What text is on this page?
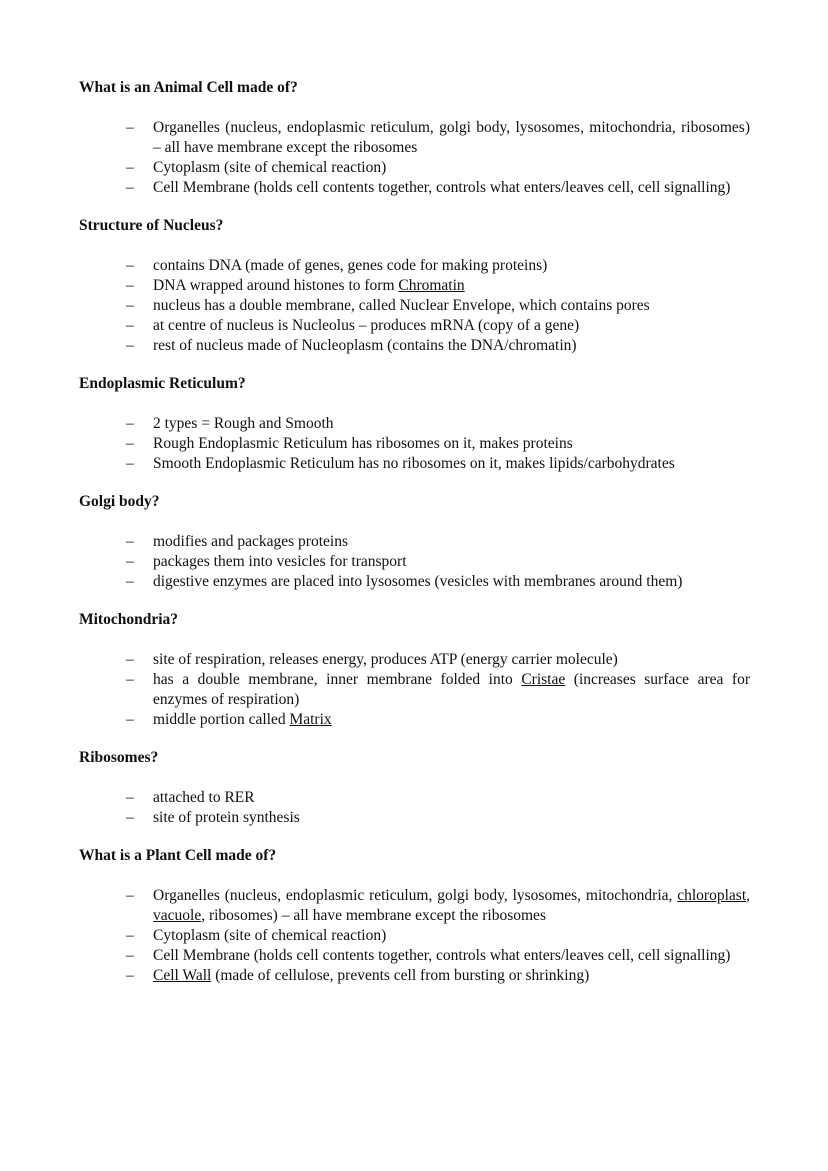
What is an Animal Cell made of?
– Organelles (nucleus, endoplasmic reticulum, golgi body, lysosomes, mitochondria, ribosomes) – all have membrane except the ribosomes
– Cytoplasm (site of chemical reaction)
– Cell Membrane (holds cell contents together, controls what enters/leaves cell, cell signalling)
Structure of Nucleus?
– contains DNA (made of genes, genes code for making proteins)
– DNA wrapped around histones to form Chromatin
– nucleus has a double membrane, called Nuclear Envelope, which contains pores
– at centre of nucleus is Nucleolus – produces mRNA (copy of a gene)
– rest of nucleus made of Nucleoplasm (contains the DNA/chromatin)
Endoplasmic Reticulum?
– 2 types = Rough and Smooth
– Rough Endoplasmic Reticulum has ribosomes on it, makes proteins
– Smooth Endoplasmic Reticulum has no ribosomes on it, makes lipids/carbohydrates
Golgi body?
– modifies and packages proteins
– packages them into vesicles for transport
– digestive enzymes are placed into lysosomes (vesicles with membranes around them)
Mitochondria?
– site of respiration, releases energy, produces ATP (energy carrier molecule)
– has a double membrane, inner membrane folded into Cristae (increases surface area for enzymes of respiration)
– middle portion called Matrix
Ribosomes?
– attached to RER
– site of protein synthesis
What is a Plant Cell made of?
– Organelles (nucleus, endoplasmic reticulum, golgi body, lysosomes, mitochondria, chloroplast, vacuole, ribosomes) – all have membrane except the ribosomes
– Cytoplasm (site of chemical reaction)
– Cell Membrane (holds cell contents together, controls what enters/leaves cell, cell signalling)
– Cell Wall (made of cellulose, prevents cell from bursting or shrinking)
